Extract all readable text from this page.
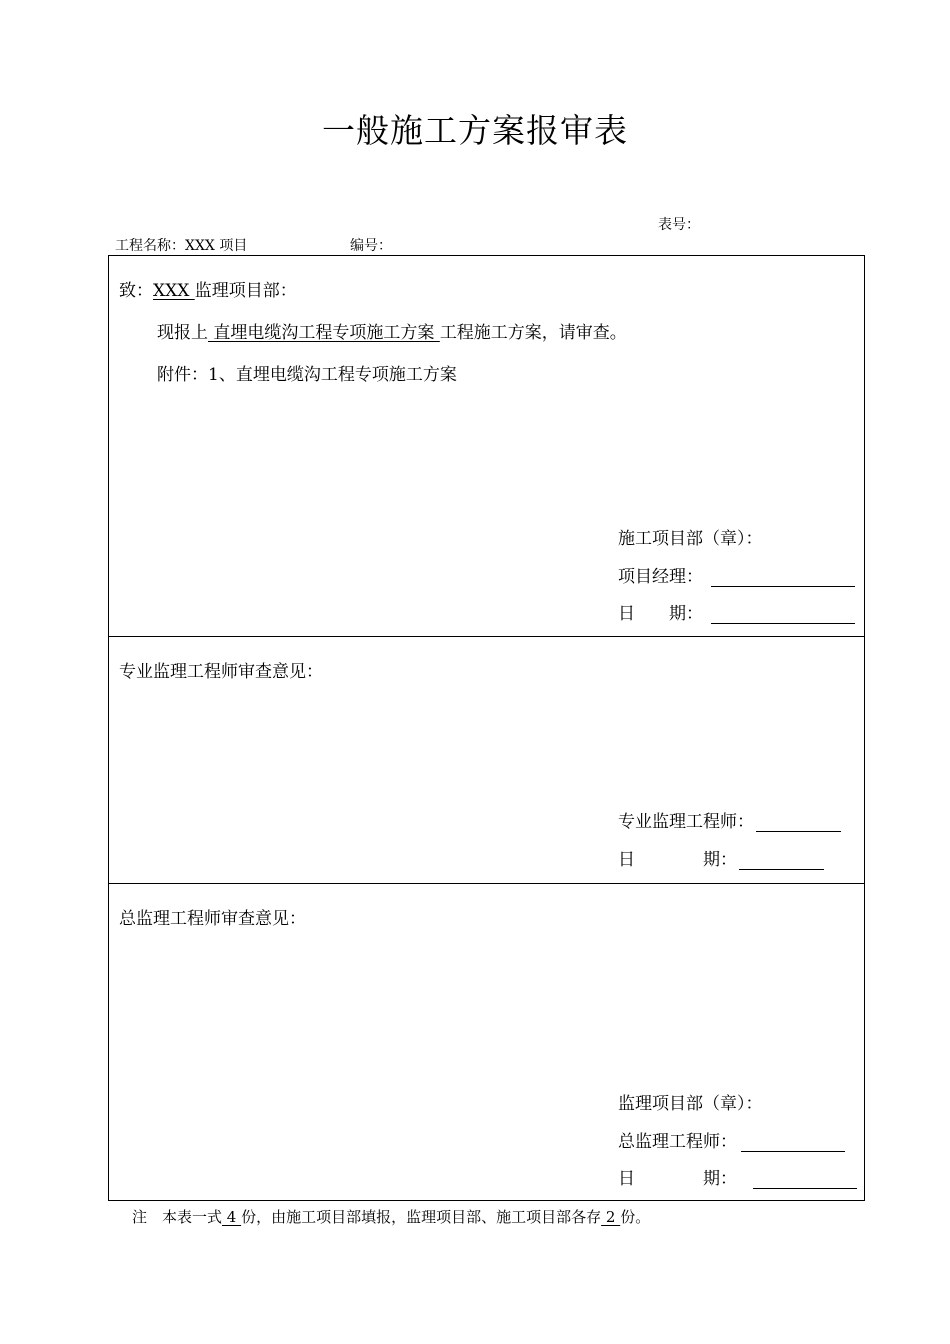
一般施工方案报审表
表号：
工程名称：XXX 项目	编号：
致：XXX 监理项目部：
现报上 直埋电缆沟工程专项施工方案 工程施工方案，请审查。
附件：1、直埋电缆沟工程专项施工方案
施工项目部（章）：
项目经理：
日　　期：
专业监理工程师审查意见：
专业监理工程师：
日　　　　期：
总监理工程师审查意见：
监理项目部（章）：
总监理工程师：
日　　　　期：
注　本表一式 4 份，由施工项目部填报，监理项目部、施工项目部各存 2 份。
